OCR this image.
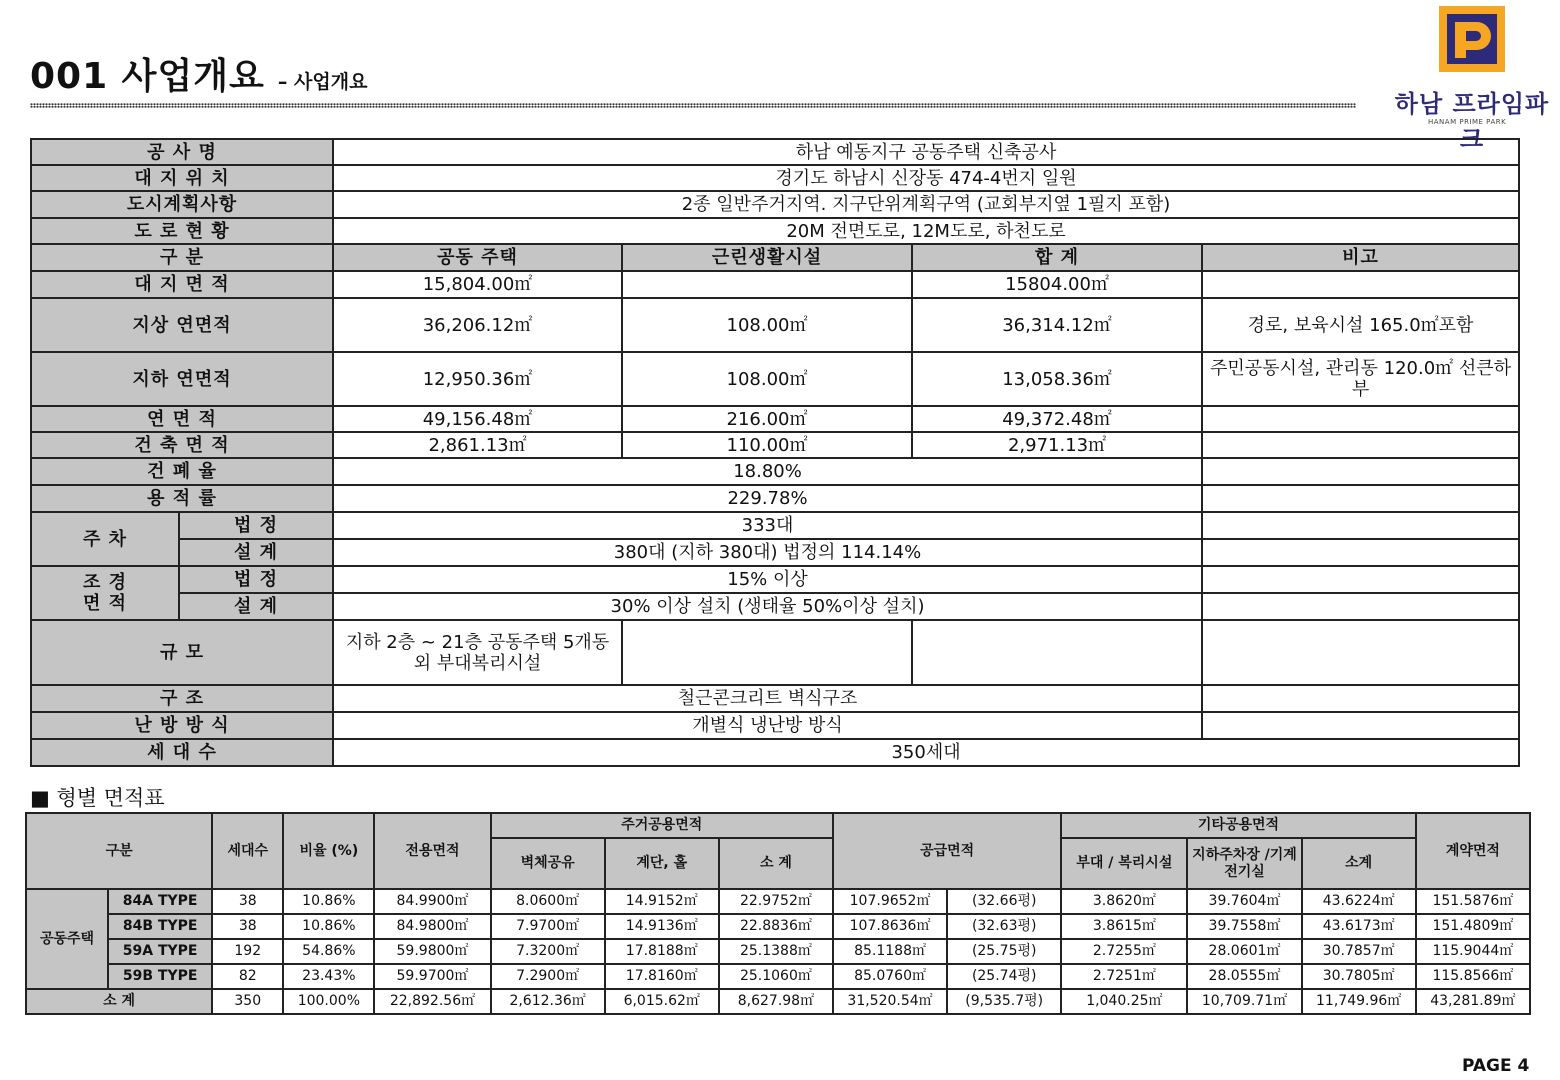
001 사업개요 – 사업개요
하남 프라임파크
HANAM PRIME PARK
공 사 명		하남 예동지구 공동주택 신축공사			
대 지 위 치		경기도 하남시 신장동 474-4번지 일원			
도시계획사항		2종 일반주거지역. 지구단위계획구역 (교회부지옆 1필지 포함)			
도 로 현 황		20M 전면도로, 12M도로, 하천도로			
구 분		공동 주택	근린생활시설	합 계	비고
대 지 면 적		15,804.00㎡		15804.00㎡	
지상 연면적		36,206.12㎡	108.00㎡	36,314.12㎡	경로, 보육시설 165.0㎡포함
지하 연면적		12,950.36㎡	108.00㎡	13,058.36㎡	주민공동시설, 관리동 120.0㎡ 선큰하부
연 면 적		49,156.48㎡	216.00㎡	49,372.48㎡	
건 축 면 적		2,861.13㎡	110.00㎡	2,971.13㎡	
건 폐 율		18.80%			
용 적 률		229.78%			
주 차	법 정	333대			
	설 계	380대 (지하 380대) 법정의 114.14%			
조 경 면 적	법 정	15% 이상			
	설 계	30% 이상 설치 (생태율 50%이상 설치)			
규 모		지하 2층 ~ 21층 공동주택 5개동 외 부대복리시설			
구 조		철근콘크리트 벽식구조			
난 방 방 식		개별식 냉난방 방식			
세 대 수		350세대			
■ 형별 면적표
구분		세대수	비율 (%)	전용면적	주거공용면적			공급면적		기타공용면적			계약면적
					벽체공유	계단, 홀	소 계			부대 / 복리시설	지하주차장 /기계전기실	소계	
공동주택	84A TYPE	38	10.86%	84.9900㎡	8.0600㎡	14.9152㎡	22.9752㎡	107.9652㎡	(32.66평)	3.8620㎡	39.7604㎡	43.6224㎡	151.5876㎡
	84B TYPE	38	10.86%	84.9800㎡	7.9700㎡	14.9136㎡	22.8836㎡	107.8636㎡	(32.63평)	3.8615㎡	39.7558㎡	43.6173㎡	151.4809㎡
	59A TYPE	192	54.86%	59.9800㎡	7.3200㎡	17.8188㎡	25.1388㎡	85.1188㎡	(25.75평)	2.7255㎡	28.0601㎡	30.7857㎡	115.9044㎡
	59B TYPE	82	23.43%	59.9700㎡	7.2900㎡	17.8160㎡	25.1060㎡	85.0760㎡	(25.74평)	2.7251㎡	28.0555㎡	30.7805㎡	115.8566㎡
소 계		350	100.00%	22,892.56㎡	2,612.36㎡	6,015.62㎡	8,627.98㎡	31,520.54㎡	(9,535.7평)	1,040.25㎡	10,709.71㎡	11,749.96㎡	43,281.89㎡
PAGE 4
